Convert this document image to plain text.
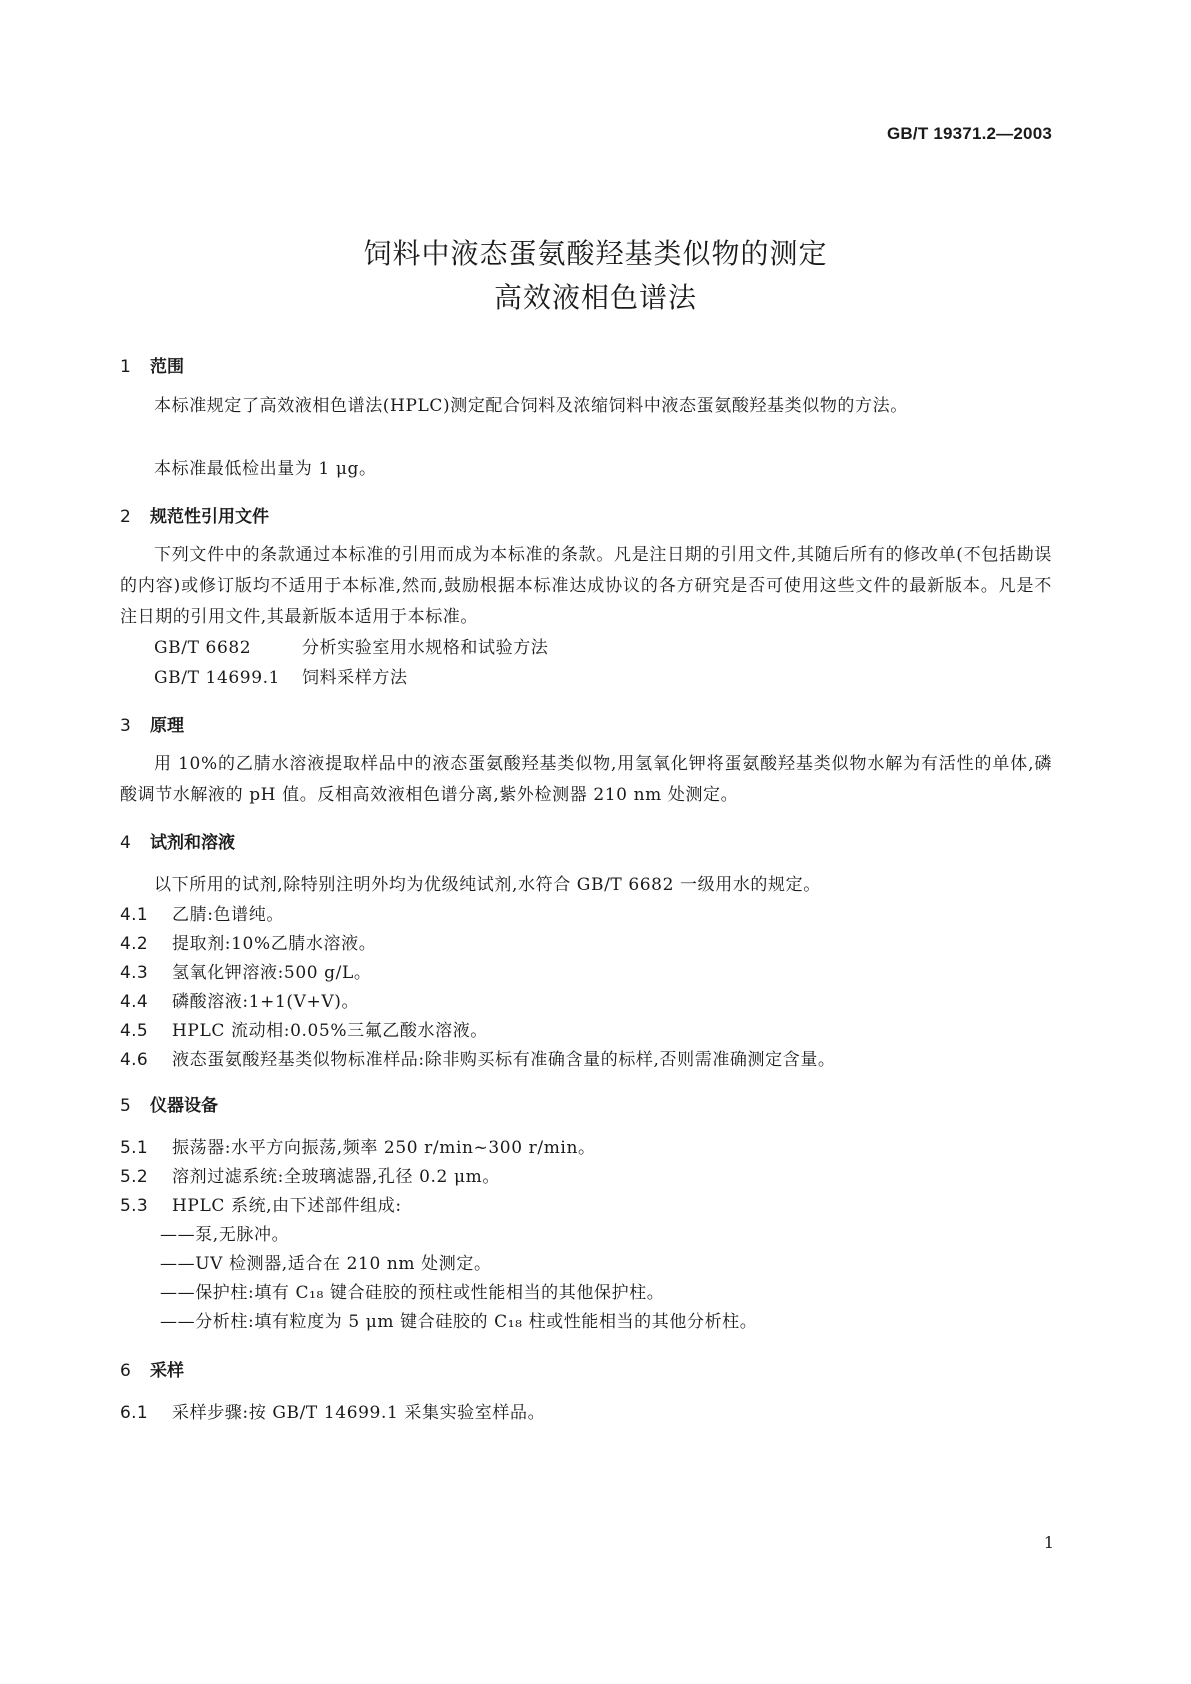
GB/T 19371.2—2003
饲料中液态蛋氨酸羟基类似物的测定
高效液相色谱法
1 范围
本标准规定了高效液相色谱法(HPLC)测定配合饲料及浓缩饲料中液态蛋氨酸羟基类似物的方法。
本标准最低检出量为 1 μg。
2 规范性引用文件
下列文件中的条款通过本标准的引用而成为本标准的条款。凡是注日期的引用文件,其随后所有的修改单(不包括勘误的内容)或修订版均不适用于本标准,然而,鼓励根据本标准达成协议的各方研究是否可使用这些文件的最新版本。凡是不注日期的引用文件,其最新版本适用于本标准。
GB/T 6682	分析实验室用水规格和试验方法
GB/T 14699.1 饲料采样方法
3 原理
用 10%的乙腈水溶液提取样品中的液态蛋氨酸羟基类似物,用氢氧化钾将蛋氨酸羟基类似物水解为有活性的单体,磷酸调节水解液的 pH 值。反相高效液相色谱分离,紫外检测器 210 nm 处测定。
4 试剂和溶液
以下所用的试剂,除特别注明外均为优级纯试剂,水符合 GB/T 6682 一级用水的规定。
4.1 乙腈:色谱纯。
4.2 提取剂:10%乙腈水溶液。
4.3 氢氧化钾溶液:500 g/L。
4.4 磷酸溶液:1+1(V+V)。
4.5 HPLC 流动相:0.05%三氟乙酸水溶液。
4.6 液态蛋氨酸羟基类似物标准样品:除非购买标有准确含量的标样,否则需准确测定含量。
5 仪器设备
5.1 振荡器:水平方向振荡,频率 250 r/min~300 r/min。
5.2 溶剂过滤系统:全玻璃滤器,孔径 0.2 μm。
5.3 HPLC 系统,由下述部件组成:
——泵,无脉冲。
——UV 检测器,适合在 210 nm 处测定。
——保护柱:填有 C₁₈ 键合硅胶的预柱或性能相当的其他保护柱。
——分析柱:填有粒度为 5 μm 键合硅胶的 C₁₈ 柱或性能相当的其他分析柱。
6 采样
6.1 采样步骤:按 GB/T 14699.1 采集实验室样品。
1
